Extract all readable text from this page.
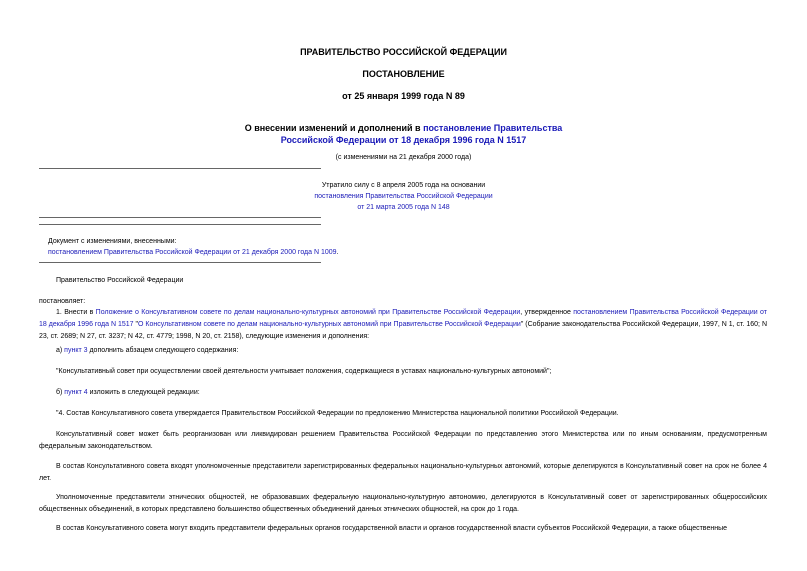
ПРАВИТЕЛЬСТВО РОССИЙСКОЙ ФЕДЕРАЦИИ
ПОСТАНОВЛЕНИЕ
от 25 января 1999 года N 89
О внесении изменений и дополнений в постановление Правительства
Российской Федерации от 18 декабря 1996 года N 1517
(с изменениями на 21 декабря 2000 года)
Утратило силу с 8 апреля 2005 года на основании
постановления Правительства Российской Федерации
от 21 марта 2005 года N 148
Документ с изменениями, внесенными:
постановлением Правительства Российской Федерации от 21 декабря 2000 года N 1009.
Правительство Российской Федерации
постановляет:
1. Внести в Положение о Консультативном совете по делам национально-культурных автономий при Правительстве Российской Федерации, утвержденное постановлением Правительства Российской Федерации от 18 декабря 1996 года N 1517 "О Консультативном совете по делам национально-культурных автономий при Правительстве Российской Федерации" (Собрание законодательства Российской Федерации, 1997, N 1, ст. 160; N 23, ст. 2689; N 27, ст. 3237; N 42, ст. 4779; 1998, N 20, ст. 2158), следующие изменения и дополнения:
а) пункт 3 дополнить абзацем следующего содержания:
"Консультативный совет при осуществлении своей деятельности учитывает положения, содержащиеся в уставах национально-культурных автономий";
б) пункт 4 изложить в следующей редакции:
"4. Состав Консультативного совета утверждается Правительством Российской Федерации по предложению Министерства национальной политики Российской Федерации.
Консультативный совет может быть реорганизован или ликвидирован решением Правительства Российской Федерации по представлению этого Министерства или по иным основаниям, предусмотренным федеральным законодательством.
В состав Консультативного совета входят уполномоченные представители зарегистрированных федеральных национально-культурных автономий, которые делегируются в Консультативный совет на срок не более 4 лет.
Уполномоченные представители этнических общностей, не образовавших федеральную национально-культурную автономию, делегируются в Консультативный совет от зарегистрированных общероссийских общественных объединений, в которых представлено большинство общественных объединений данных этнических общностей, на срок до 1 года.
В состав Консультативного совета могут входить представители федеральных органов государственной власти и органов государственной власти субъектов Российской Федерации, а также общественные
